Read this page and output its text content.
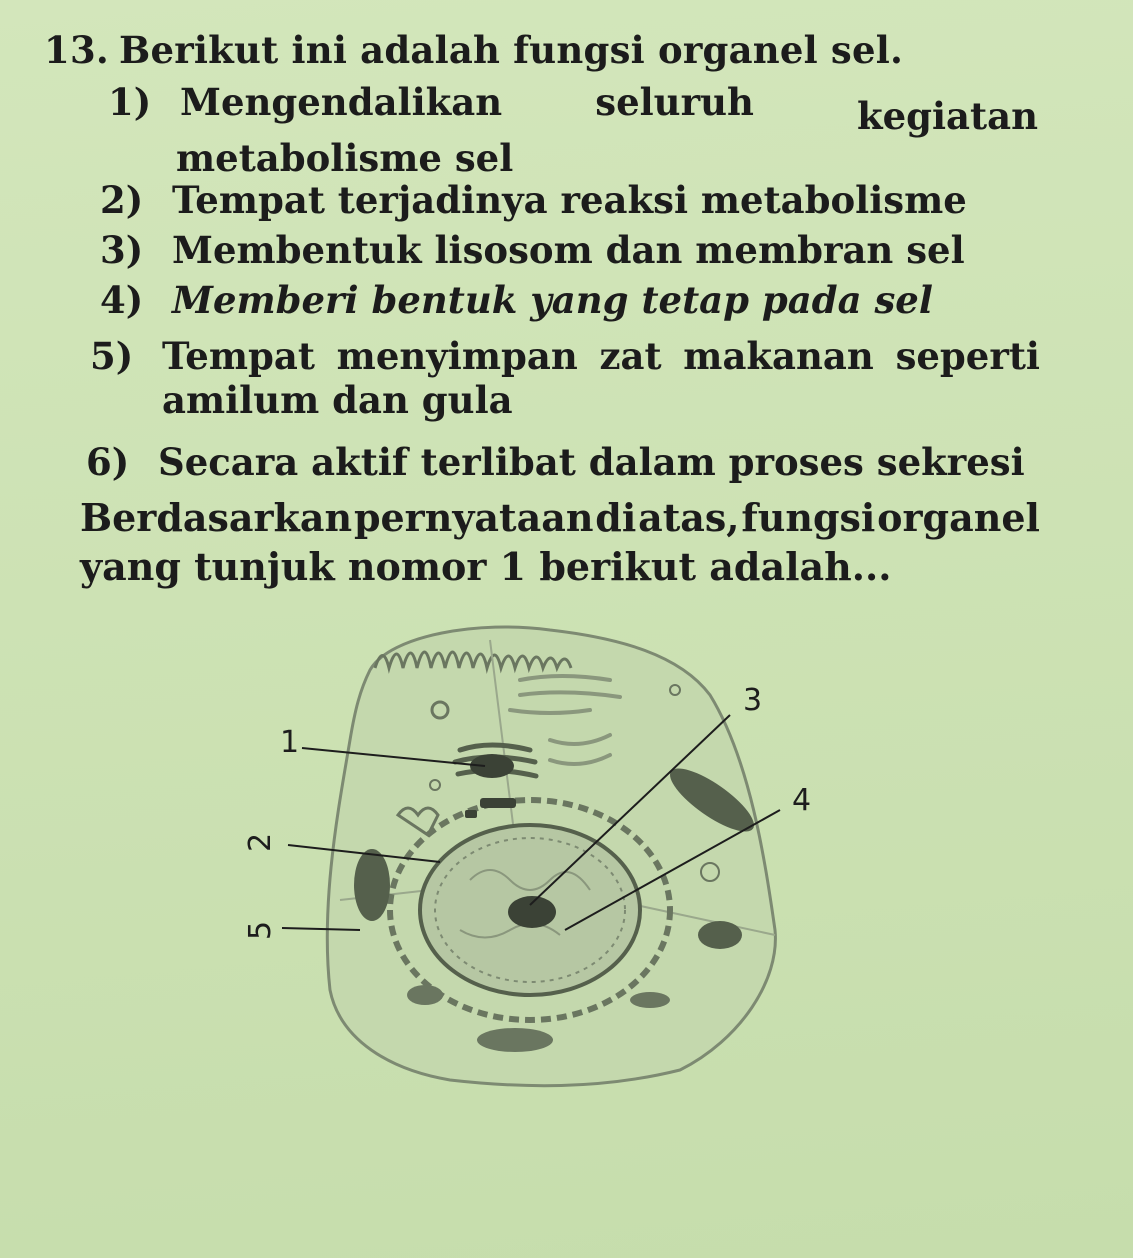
13. Berikut ini adalah fungsi organel sel.
1) Mengendalikan	seluruh	kegiatan
metabolisme sel
2) Tempat terjadinya reaksi metabolisme
3) Membentuk lisosom dan membran sel
4) Memberi bentuk yang tetap pada sel
5) Tempat menyimpan zat makanan seperti
amilum dan gula
6) Secara aktif terlibat dalam proses sekresi
Berdasarkan pernyataan di atas, fungsi organel
yang tunjuk nomor 1 berikut adalah...
1
2
3
4
5
